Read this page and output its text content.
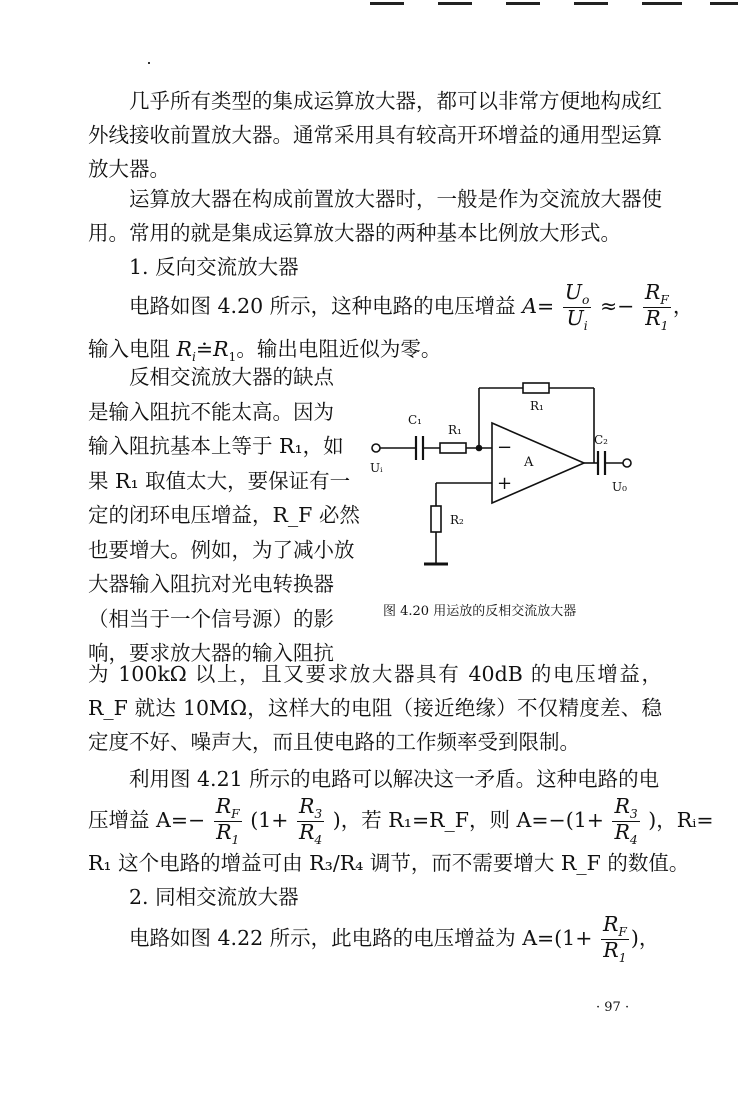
几乎所有类型的集成运算放大器，都可以非常方便地构成红外线接收前置放大器。通常采用具有较高开环增益的通用型运算放大器。

运算放大器在构成前置放大器时，一般是作为交流放大器使用。常用的就是集成运算放大器的两种基本比例放大形式。

1. 反向交流放大器

电路如图 4.20 所示，这种电路的电压增益 $A= \frac{U_o}{U_i} \approx- \frac{R_F}{R_1}$ ，
输入电阻 $R_i≐R_1$。输出电阻近似为零。

　　反相交流放大器的缺点

是输入阻抗不能太高。因为

输入阻抗基本上等于 R₁，如

果 R₁ 取值太大，要保证有一

定的闭环电压增益，R_F 必然

也要增大。例如，为了减小放

大器输入阻抗对光电转换器

（相当于一个信号源）的影

响，要求放大器的输入阻抗

C₁
R₁
R₁
C₂
A
Uᵢ
U₀
R₂
−
+
图 4.20 用运放的反相交流放大器

为 100kΩ 以上，且又要求放大器具有 40dB 的电压增益，R_F 就达 10MΩ，这样大的电阻（接近绝缘）不仅精度差、稳定度不好、噪声大，而且使电路的工作频率受到限制。

　　利用图 4.21 所示的电路可以解决这一矛盾。这种电路的电

压增益 $A=- \frac{R_F}{R_1} (1+ \frac{R_3}{R_4}$ )，若 R₁=R_F，则 $A=-(1+ \frac{R_3}{R_4}$ )，Rᵢ=

R₁ 这个电路的增益可由 R₃/R₄ 调节，而不需要增大 R_F 的数值。

2. 同相交流放大器

电路如图 4.22 所示，此电路的电压增益为 $A=(1+ \frac{R_F}{R_1}$ )，
· 97 ·
